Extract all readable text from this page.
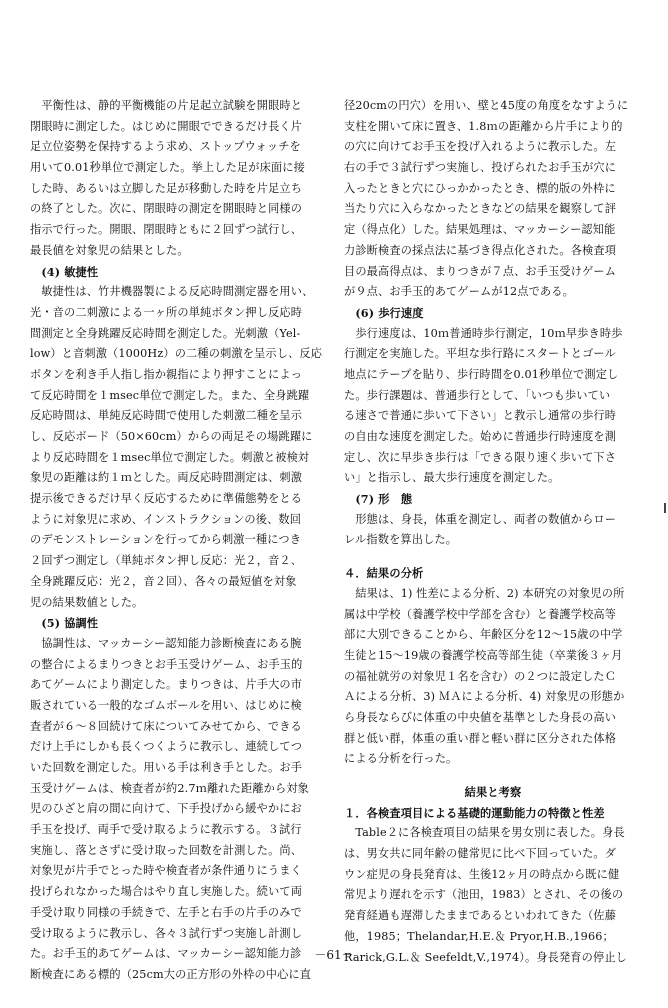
　平衡性は、静的平衡機能の片足起立試験を開眼時と
閉眼時に測定した。はじめに開眼でできるだけ長く片
足立位姿勢を保持するよう求め、ストップウォッチを
用いて0.01秒単位で測定した。挙上した足が床面に接
した時、あるいは立脚した足が移動した時を片足立ち
の終了とした。次に、閉眼時の測定を開眼時と同様の
指示で行った。開眼、閉眼時ともに２回ずつ試行し、
最長値を対象児の結果とした。
　(4) 敏捷性
　敏捷性は、竹井機器製による反応時間測定器を用い、
光・音の二刺激による一ヶ所の単純ボタン押し反応時
間測定と全身跳躍反応時間を測定した。光刺激（Yel-
low）と音刺激（1000Hz）の二種の刺激を呈示し、反応
ボタンを利き手人指し指か親指により押すことによっ
て反応時間を１msec単位で測定した。また、全身跳躍
反応時間は、単純反応時間で使用した刺激二種を呈示
し、反応ボード（50×60cm）からの両足その場跳躍に
より反応時間を１msec単位で測定した。刺激と被検対
象児の距離は約１ｍとした。両反応時間測定は、刺激
提示後できるだけ早く反応するために準備態勢をとる
ように対象児に求め、インストラクションの後、数回
のデモンストレーションを行ってから刺激一種につき
２回ずつ測定し（単純ボタン押し反応：光２，音２、
全身跳躍反応：光２，音２回）、各々の最短値を対象
児の結果数値とした。
　(5) 協調性
　協調性は、マッカーシー認知能力診断検査にある腕
の整合によるまりつきとお手玉受けゲーム、お手玉的
あてゲームにより測定した。まりつきは、片手大の市
販されている一般的なゴムボールを用い、はじめに検
査者が６～８回続けて床についてみせてから、できる
だけ上手にしかも長くつくように教示し、連続してつ
いた回数を測定した。用いる手は利き手とした。お手
玉受けゲームは、検査者が約2.7ｍ離れた距離から対象
児のひざと肩の間に向けて、下手投げから緩やかにお
手玉を投げ、両手で受け取るように教示する。３試行
実施し、落とさずに受け取った回数を計測した。尚、
対象児が片手でとった時や検査者が条件通りにうまく
投げられなかった場合はやり直し実施した。続いて両
手受け取り同様の手続きで、左手と右手の片手のみで
受け取るように教示し、各々３試行ずつ実施し計測し
た。お手玉的あてゲームは、マッカーシー認知能力診
断検査にある標的（25cm大の正方形の外枠の中心に直
径20cmの円穴）を用い、壁と45度の角度をなすように
支柱を開いて床に置き、1.8ｍの距離から片手により的
の穴に向けてお手玉を投げ入れるように教示した。左
右の手で３試行ずつ実施し、投げられたお手玉が穴に
入ったときと穴にひっかかったとき、標的版の外枠に
当たり穴に入らなかったときなどの結果を観察して評
定（得点化）した。結果処理は、マッカーシー認知能
力診断検査の採点法に基づき得点化された。各検査項
目の最高得点は、まりつきが７点、お手玉受けゲーム
が９点、お手玉的あてゲームが12点である。
　(6) 歩行速度
　歩行速度は、10ｍ普通時歩行測定，10ｍ早歩き時歩
行測定を実施した。平坦な歩行路にスタートとゴール
地点にテープを貼り、歩行時間を0.01秒単位で測定し
た。歩行課題は、普通歩行として、「いつも歩いてい
る速さで普通に歩いて下さい」と教示し通常の歩行時
の自由な速度を測定した。始めに普通歩行時速度を測
定し、次に早歩き歩行は「できる限り速く歩いて下さ
い」と指示し、最大歩行速度を測定した。
　(7) 形　態
　形態は、身長，体重を測定し、両者の数値からロー
レル指数を算出した。
４．結果の分析
　結果は、1) 性差による分析、2) 本研究の対象児の所
属は中学校（養護学校中学部を含む）と養護学校高等
部に大別できることから、年齢区分を12～15歳の中学
生徒と15～19歳の養護学校高等部生徒（卒業後３ヶ月
の福祉就労の対象児１名を含む）の２つに設定したＣ
Ａによる分析、3) ＭＡによる分析、4) 対象児の形態か
ら身長ならびに体重の中央値を基準とした身長の高い
群と低い群，体重の重い群と軽い群に区分された体格
による分析を行った。
結果と考察
１．各検査項目による基礎的運動能力の特徴と性差
　Table２に各検査項目の結果を男女別に表した。身長
は、男女共に同年齢の健常児に比べ下回っていた。ダ
ウン症児の身長発育は、生後12ヶ月の時点から既に健
常児より遅れを示す（池田，1983）とされ、その後の
発育経過も遅滞したままであるといわれてきた（佐藤
他，1985；Thelandar,H.E.＆ Pryor,H.B.,1966；
Rarick,G.L.＆ Seefeldt,V.,1974）。身長発育の停止し
－61－
